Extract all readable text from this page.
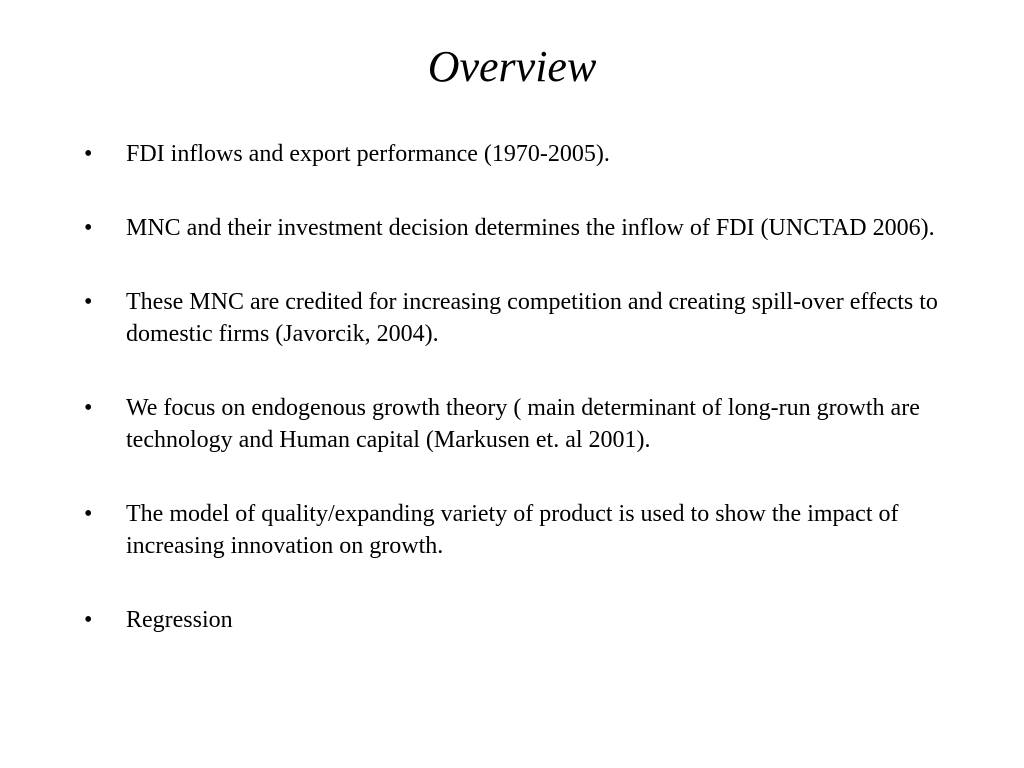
Overview
•	FDI inflows and export performance (1970-2005).
•	MNC and their investment decision determines the inflow of FDI (UNCTAD 2006).
•	These MNC are credited for increasing competition and creating spill-over effects to domestic firms (Javorcik, 2004).
•	We focus on endogenous growth theory ( main determinant of long-run growth are technology and Human capital (Markusen et. al 2001).
•	The model of quality/expanding variety of product is used to show the impact of increasing innovation on growth.
•	Regression
